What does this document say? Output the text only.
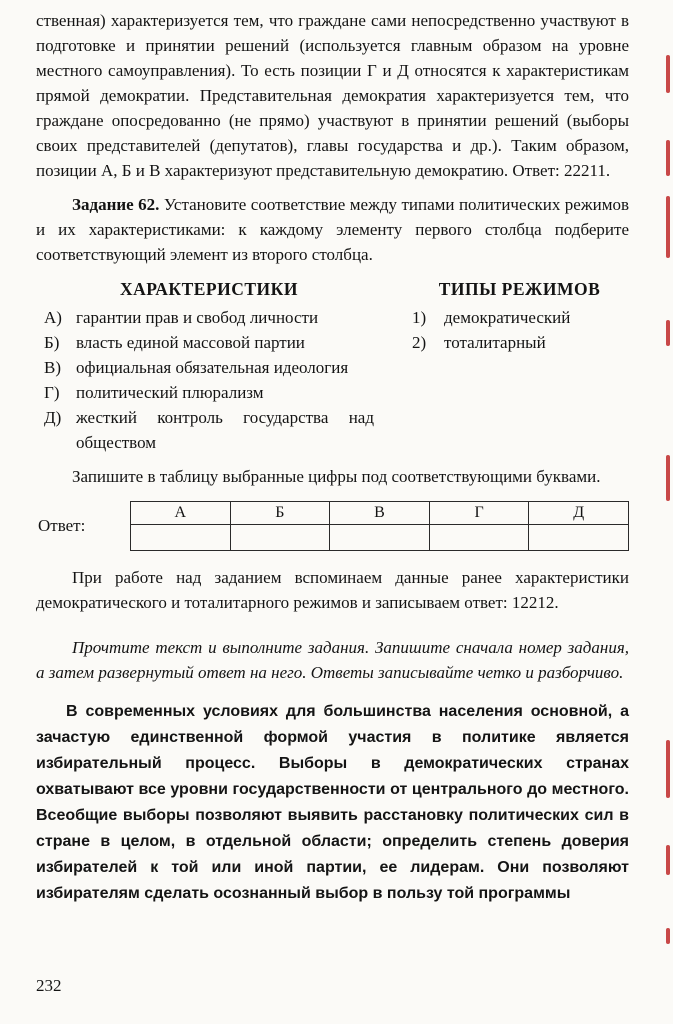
ственная) характеризуется тем, что граждане сами непосредственно участвуют в подготовке и принятии решений (используется главным образом на уровне местного самоуправления). То есть позиции Г и Д относятся к характеристикам прямой демократии. Представительная демократия характеризуется тем, что граждане опосредованно (не прямо) участвуют в принятии решений (выборы своих представителей (депутатов), главы государства и др.). Таким образом, позиции А, Б и В характеризуют представительную демократию. Ответ: 22211.

Задание 62. Установите соответствие между типами политических режимов и их характеристиками: к каждому элементу первого столбца подберите соответствующий элемент из второго столбца.

ХАРАКТЕРИСТИКИ
А) гарантии прав и свобод личности
Б) власть единой массовой партии
В) официальная обязательная идеология
Г) политический плюрализм
Д) жесткий контроль государства над обществом
ТИПЫ РЕЖИМОВ
1)	демократический
2)	тоталитарный

Запишите в таблицу выбранные цифры под соответствующими буквами.

Ответ:
А	Б	В	Г	Д

При работе над заданием вспоминаем данные ранее характеристики демократического и тоталитарного режимов и записываем ответ: 12212.

Прочтите текст и выполните задания. Запишите сначала номер задания, а затем развернутый ответ на него. Ответы записывайте четко и разборчиво.

В современных условиях для большинства населения основной, а зачастую единственной формой участия в политике является избирательный процесс. Выборы в демократических странах охватывают все уровни государственности от центрального до местного. Всеобщие выборы позволяют выявить расстановку политических сил в стране в целом, в отдельной области; определить степень доверия избирателей к той или иной партии, ее лидерам. Они позволяют избирателям сделать осознанный выбор в пользу той программы

232
